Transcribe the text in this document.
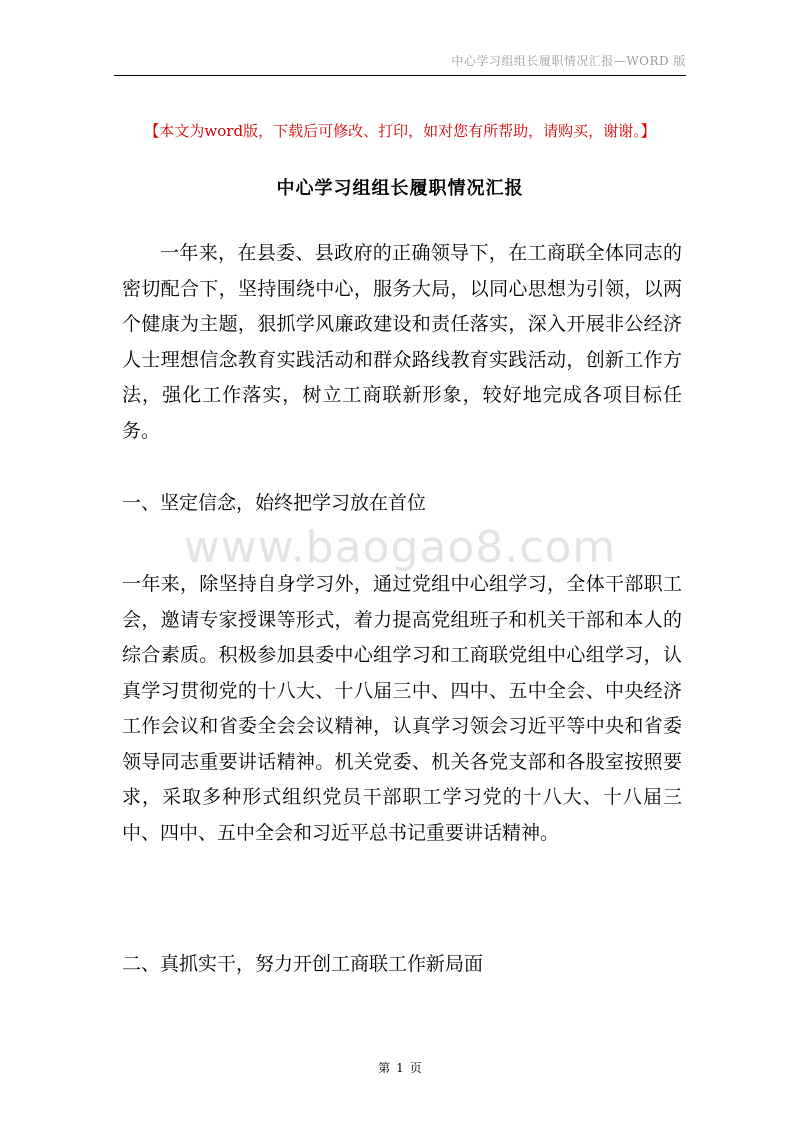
中心学习组组长履职情况汇报—WORD 版
【本文为word版，下载后可修改、打印，如对您有所帮助，请购买，谢谢。】
中心学习组组长履职情况汇报

一年来，在县委、县政府的正确领导下，在工商联全体同志的密切配合下，坚持围绕中心，服务大局，以同心思想为引领，以两个健康为主题，狠抓学风廉政建设和责任落实，深入开展非公经济人士理想信念教育实践活动和群众路线教育实践活动，创新工作方法，强化工作落实，树立工商联新形象，较好地完成各项目标任务。

一、坚定信念，始终把学习放在首位

www.baogao8.com

一年来，除坚持自身学习外，通过党组中心组学习，全体干部职工会，邀请专家授课等形式，着力提高党组班子和机关干部和本人的综合素质。积极参加县委中心组学习和工商联党组中心组学习，认真学习贯彻党的十八大、十八届三中、四中、五中全会、中央经济工作会议和省委全会会议精神，认真学习领会习近平等中央和省委领导同志重要讲话精神。机关党委、机关各党支部和各股室按照要求，采取多种形式组织党员干部职工学习党的十八大、十八届三中、四中、五中全会和习近平总书记重要讲话精神。

二、真抓实干，努力开创工商联工作新局面

第 1 页
